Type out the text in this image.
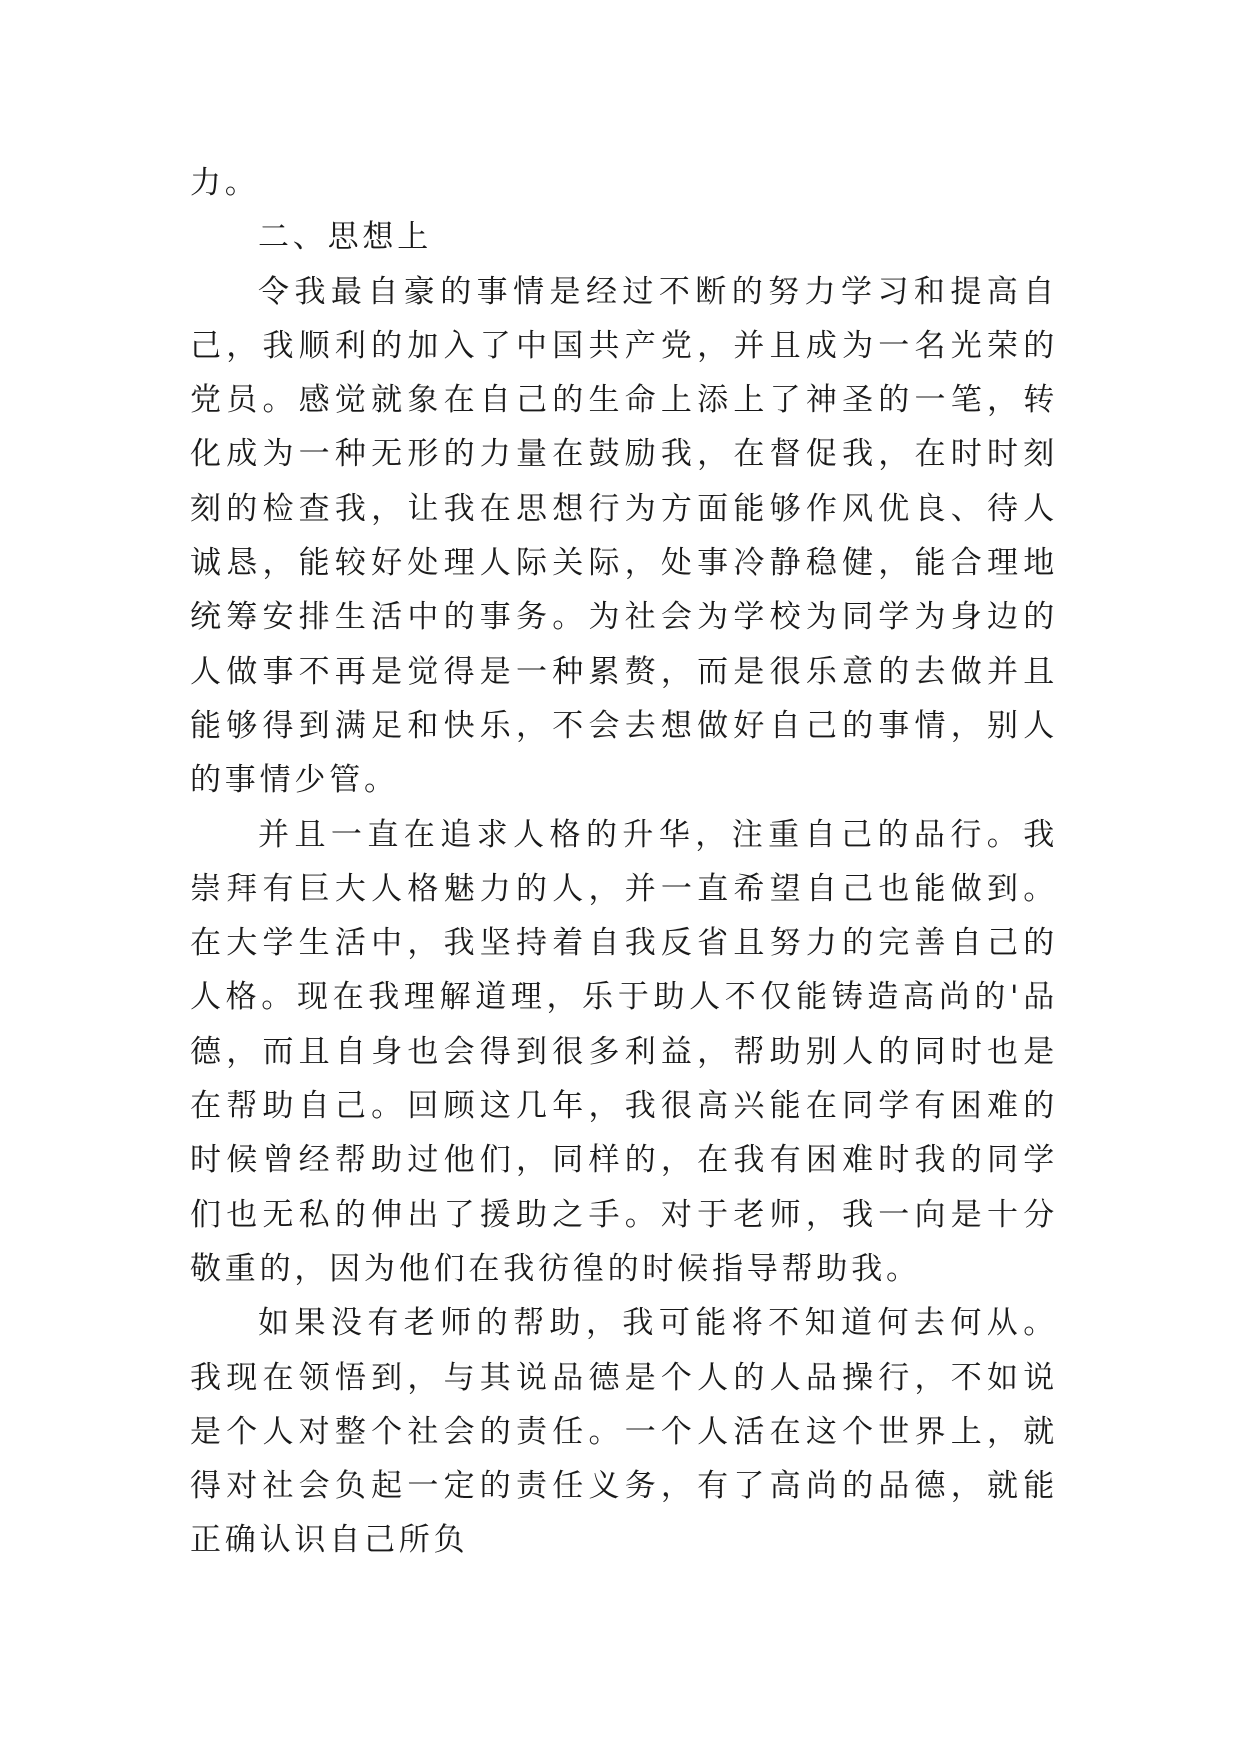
力。

二、思想上

令我最自豪的事情是经过不断的努力学习和提高自己，我顺利的加入了中国共产党，并且成为一名光荣的党员。感觉就象在自己的生命上添上了神圣的一笔，转化成为一种无形的力量在鼓励我，在督促我，在时时刻刻的检查我，让我在思想行为方面能够作风优良、待人诚恳，能较好处理人际关际，处事冷静稳健，能合理地统筹安排生活中的事务。为社会为学校为同学为身边的人做事不再是觉得是一种累赘，而是很乐意的去做并且能够得到满足和快乐，不会去想做好自己的事情，别人的事情少管。

并且一直在追求人格的升华，注重自己的品行。我崇拜有巨大人格魅力的人，并一直希望自己也能做到。在大学生活中，我坚持着自我反省且努力的完善自己的人格。现在我理解道理，乐于助人不仅能铸造高尚的'品德，而且自身也会得到很多利益，帮助别人的同时也是在帮助自己。回顾这几年，我很高兴能在同学有困难的时候曾经帮助过他们，同样的，在我有困难时我的同学们也无私的伸出了援助之手。对于老师，我一向是十分敬重的，因为他们在我彷徨的时候指导帮助我。

如果没有老师的帮助，我可能将不知道何去何从。我现在领悟到，与其说品德是个人的人品操行，不如说是个人对整个社会的责任。一个人活在这个世界上，就得对社会负起一定的责任义务，有了高尚的品德，就能正确认识自己所负
